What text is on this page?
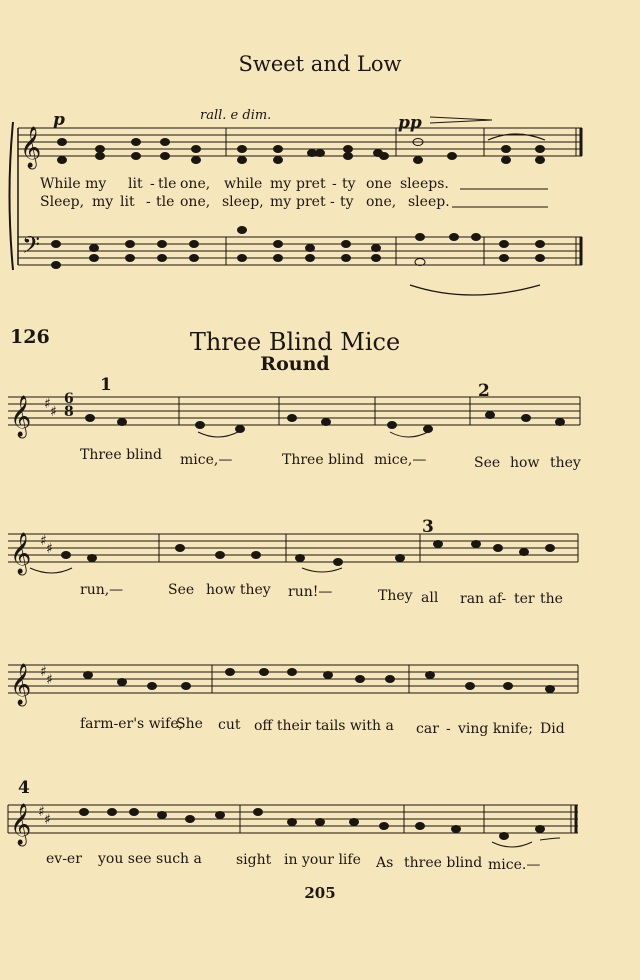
Sweet and Low
p	rall. e dim.	pp
While my lit - tle one, while my pret - ty one sleeps.
Sleep, my lit - tle one, sleep, my pret - ty one, sleep.
126	Three Blind Mice
Round
1	2
3
4
6
8
Three blind mice,—	Three blind mice,—	See how they
run,—	See how they run!—	They all ran af- ter the
farm-er's wife,
She cut off their tails with a car - ving knife; Did
ev-er you see such a sight in your life As three blind mice.—
205
𝄞
𝄢
𝄞 ♯ ♯
𝄞 ♯ ♯
𝄞 ♯ ♯
𝄞 ♯ ♯
